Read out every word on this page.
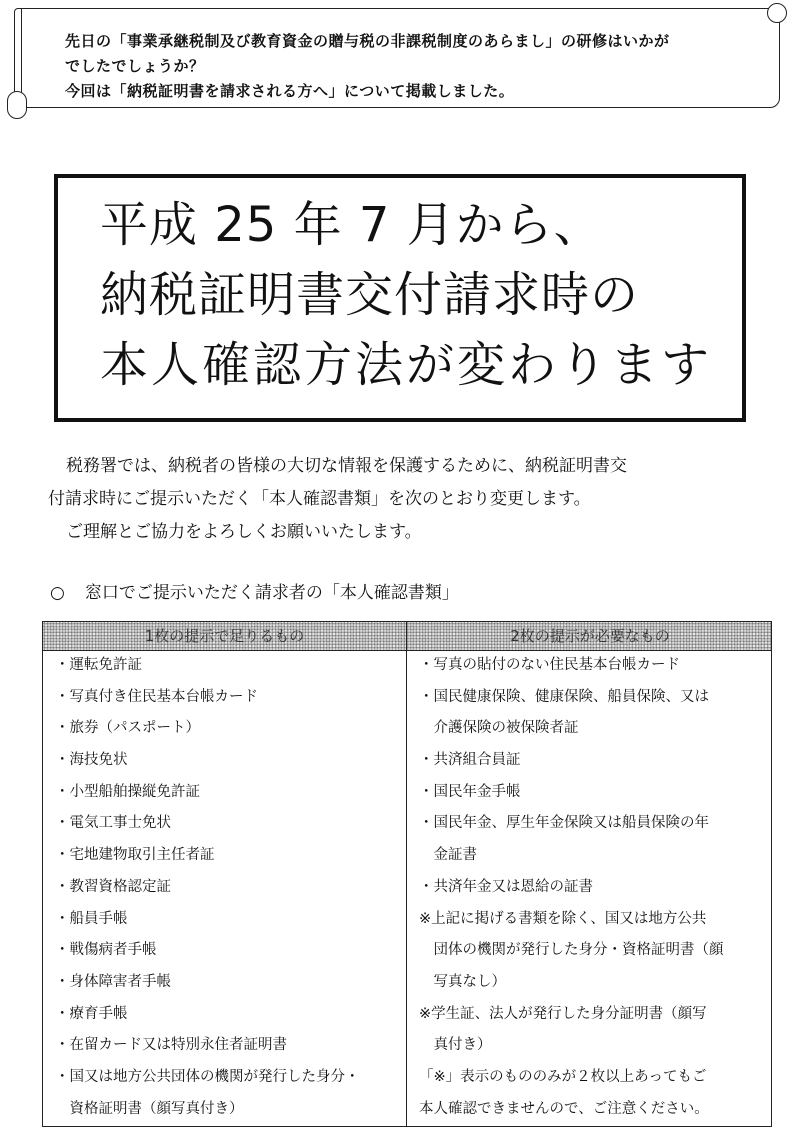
先日の「事業承継税制及び教育資金の贈与税の非課税制度のあらまし」の研修はいかが
でしたでしょうか？
今回は「納税証明書を請求される方へ」について掲載しました。
平成 25 年 7 月から、
納税証明書交付請求時の
本人確認方法が変わります

税務署では、納税者の皆様の大切な情報を保護するために、納税証明書交

付請求時にご提示いただく「本人確認書類」を次のとおり変更します。

ご理解とご協力をよろしくお願いいたします。

○ 窓口でご提示いただく請求者の「本人確認書類」
1枚の提示で足りるもの	2枚の提示が必要なもの
・運転免許証
・写真付き住民基本台帳カード
・旅券（パスポート）
・海技免状
・小型船舶操縦免許証
・電気工事士免状
・宅地建物取引主任者証
・教習資格認定証
・船員手帳
・戦傷病者手帳
・身体障害者手帳
・療育手帳
・在留カード又は特別永住者証明書
・国又は地方公共団体の機関が発行した身分・
　資格証明書（顔写真付き）
・写真の貼付のない住民基本台帳カード
・国民健康保険、健康保険、船員保険、又は
　介護保険の被保険者証
・共済組合員証
・国民年金手帳
・国民年金、厚生年金保険又は船員保険の年
　金証書
・共済年金又は恩給の証書
※上記に掲げる書類を除く、国又は地方公共
　団体の機関が発行した身分・資格証明書（顔
　写真なし）
※学生証、法人が発行した身分証明書（顔写
　真付き）
「※」表示のもののみが２枚以上あってもご
本人確認できませんので、ご注意ください。
